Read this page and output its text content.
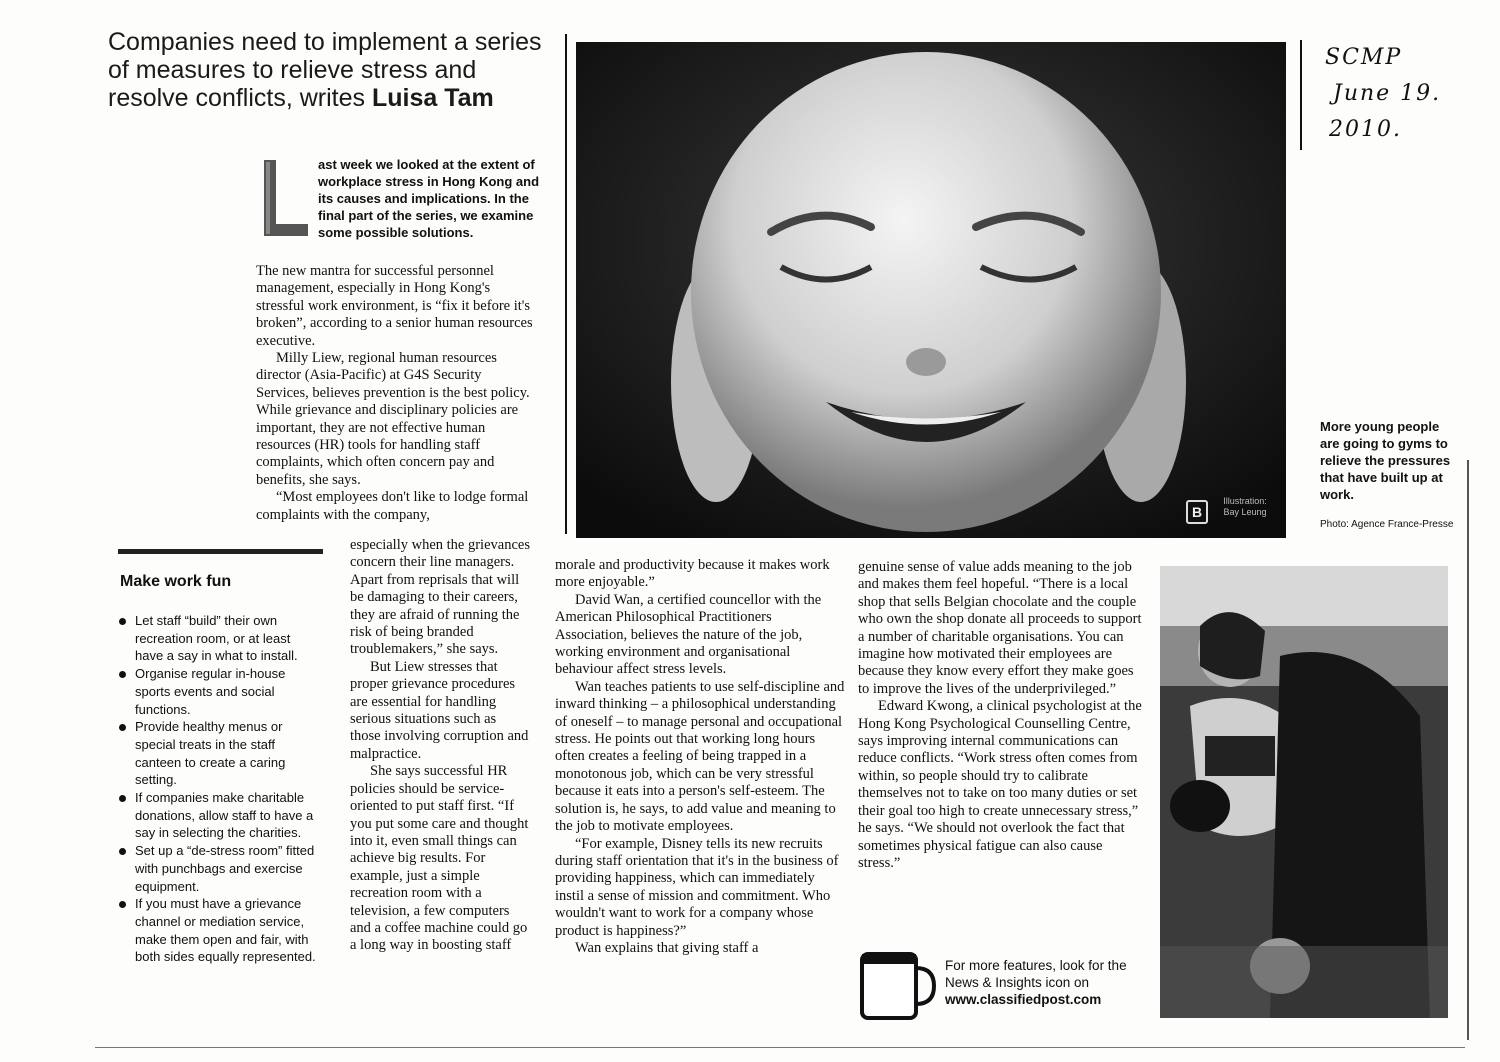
Companies need to implement a series of measures to relieve stress and resolve conflicts, writes Luisa Tam
SCMP
June 19.
2010.
ast week we looked at the extent of workplace stress in Hong Kong and its causes and implications. In the final part of the series, we examine some possible solutions.

The new mantra for successful personnel management, especially in Hong Kong's stressful work environment, is “fix it before it's broken”, according to a senior human resources executive.

Milly Liew, regional human resources director (Asia-Pacific) at G4S Security Services, believes prevention is the best policy. While grievance and disciplinary policies are important, they are not effective human resources (HR) tools for handling staff complaints, which often concern pay and benefits, she says.

“Most employees don't like to lodge formal complaints with the company,

Make work fun
Let staff “build” their own recreation room, or at least have a say in what to install.
Organise regular in-house sports events and social functions.
Provide healthy menus or special treats in the staff canteen to create a caring setting.
If companies make charitable donations, allow staff to have a say in selecting the charities.
Set up a “de-stress room” fitted with punchbags and exercise equipment.
If you must have a grievance channel or mediation service, make them open and fair, with both sides equally represented.

especially when the grievances concern their line managers. Apart from reprisals that will be damaging to their careers, they are afraid of running the risk of being branded troublemakers,” she says.

But Liew stresses that proper grievance procedures are essential for handling serious situations such as those involving corruption and malpractice.

She says successful HR policies should be service-oriented to put staff first. “If you put some care and thought into it, even small things can achieve big results. For example, just a simple recreation room with a television, a few computers and a coffee machine could go a long way in boosting staff

morale and productivity because it makes work more enjoyable.”

David Wan, a certified councellor with the American Philosophical Practitioners Association, believes the nature of the job, working environment and organisational behaviour affect stress levels.

Wan teaches patients to use self-discipline and inward thinking – a philosophical understanding of oneself – to manage personal and occupational stress. He points out that working long hours often creates a feeling of being trapped in a monotonous job, which can be very stressful because it eats into a person's self-esteem. The solution is, he says, to add value and meaning to the job to motivate employees.

“For example, Disney tells its new recruits during staff orientation that it's in the business of providing happiness, which can immediately instil a sense of mission and commitment. Who wouldn't want to work for a company whose product is happiness?”

Wan explains that giving staff a

genuine sense of value adds meaning to the job and makes them feel hopeful. “There is a local shop that sells Belgian chocolate and the couple who own the shop donate all proceeds to support a number of charitable organisations. You can imagine how motivated their employees are because they know every effort they make goes to improve the lives of the underprivileged.”

Edward Kwong, a clinical psychologist at the Hong Kong Psychological Counselling Centre, says improving internal communications can reduce conflicts. “Work stress often comes from within, so people should try to calibrate themselves not to take on too many duties or set their goal too high to create unnecessary stress,” he says. “We should not overlook the fact that sometimes physical fatigue can also cause stress.”

B
Illustration:
Bay Leung
More young people are going to gyms to relieve the pressures that have built up at work.
Photo: Agence France-Presse
For more features, look for the News & Insights icon on
www.classifiedpost.com
